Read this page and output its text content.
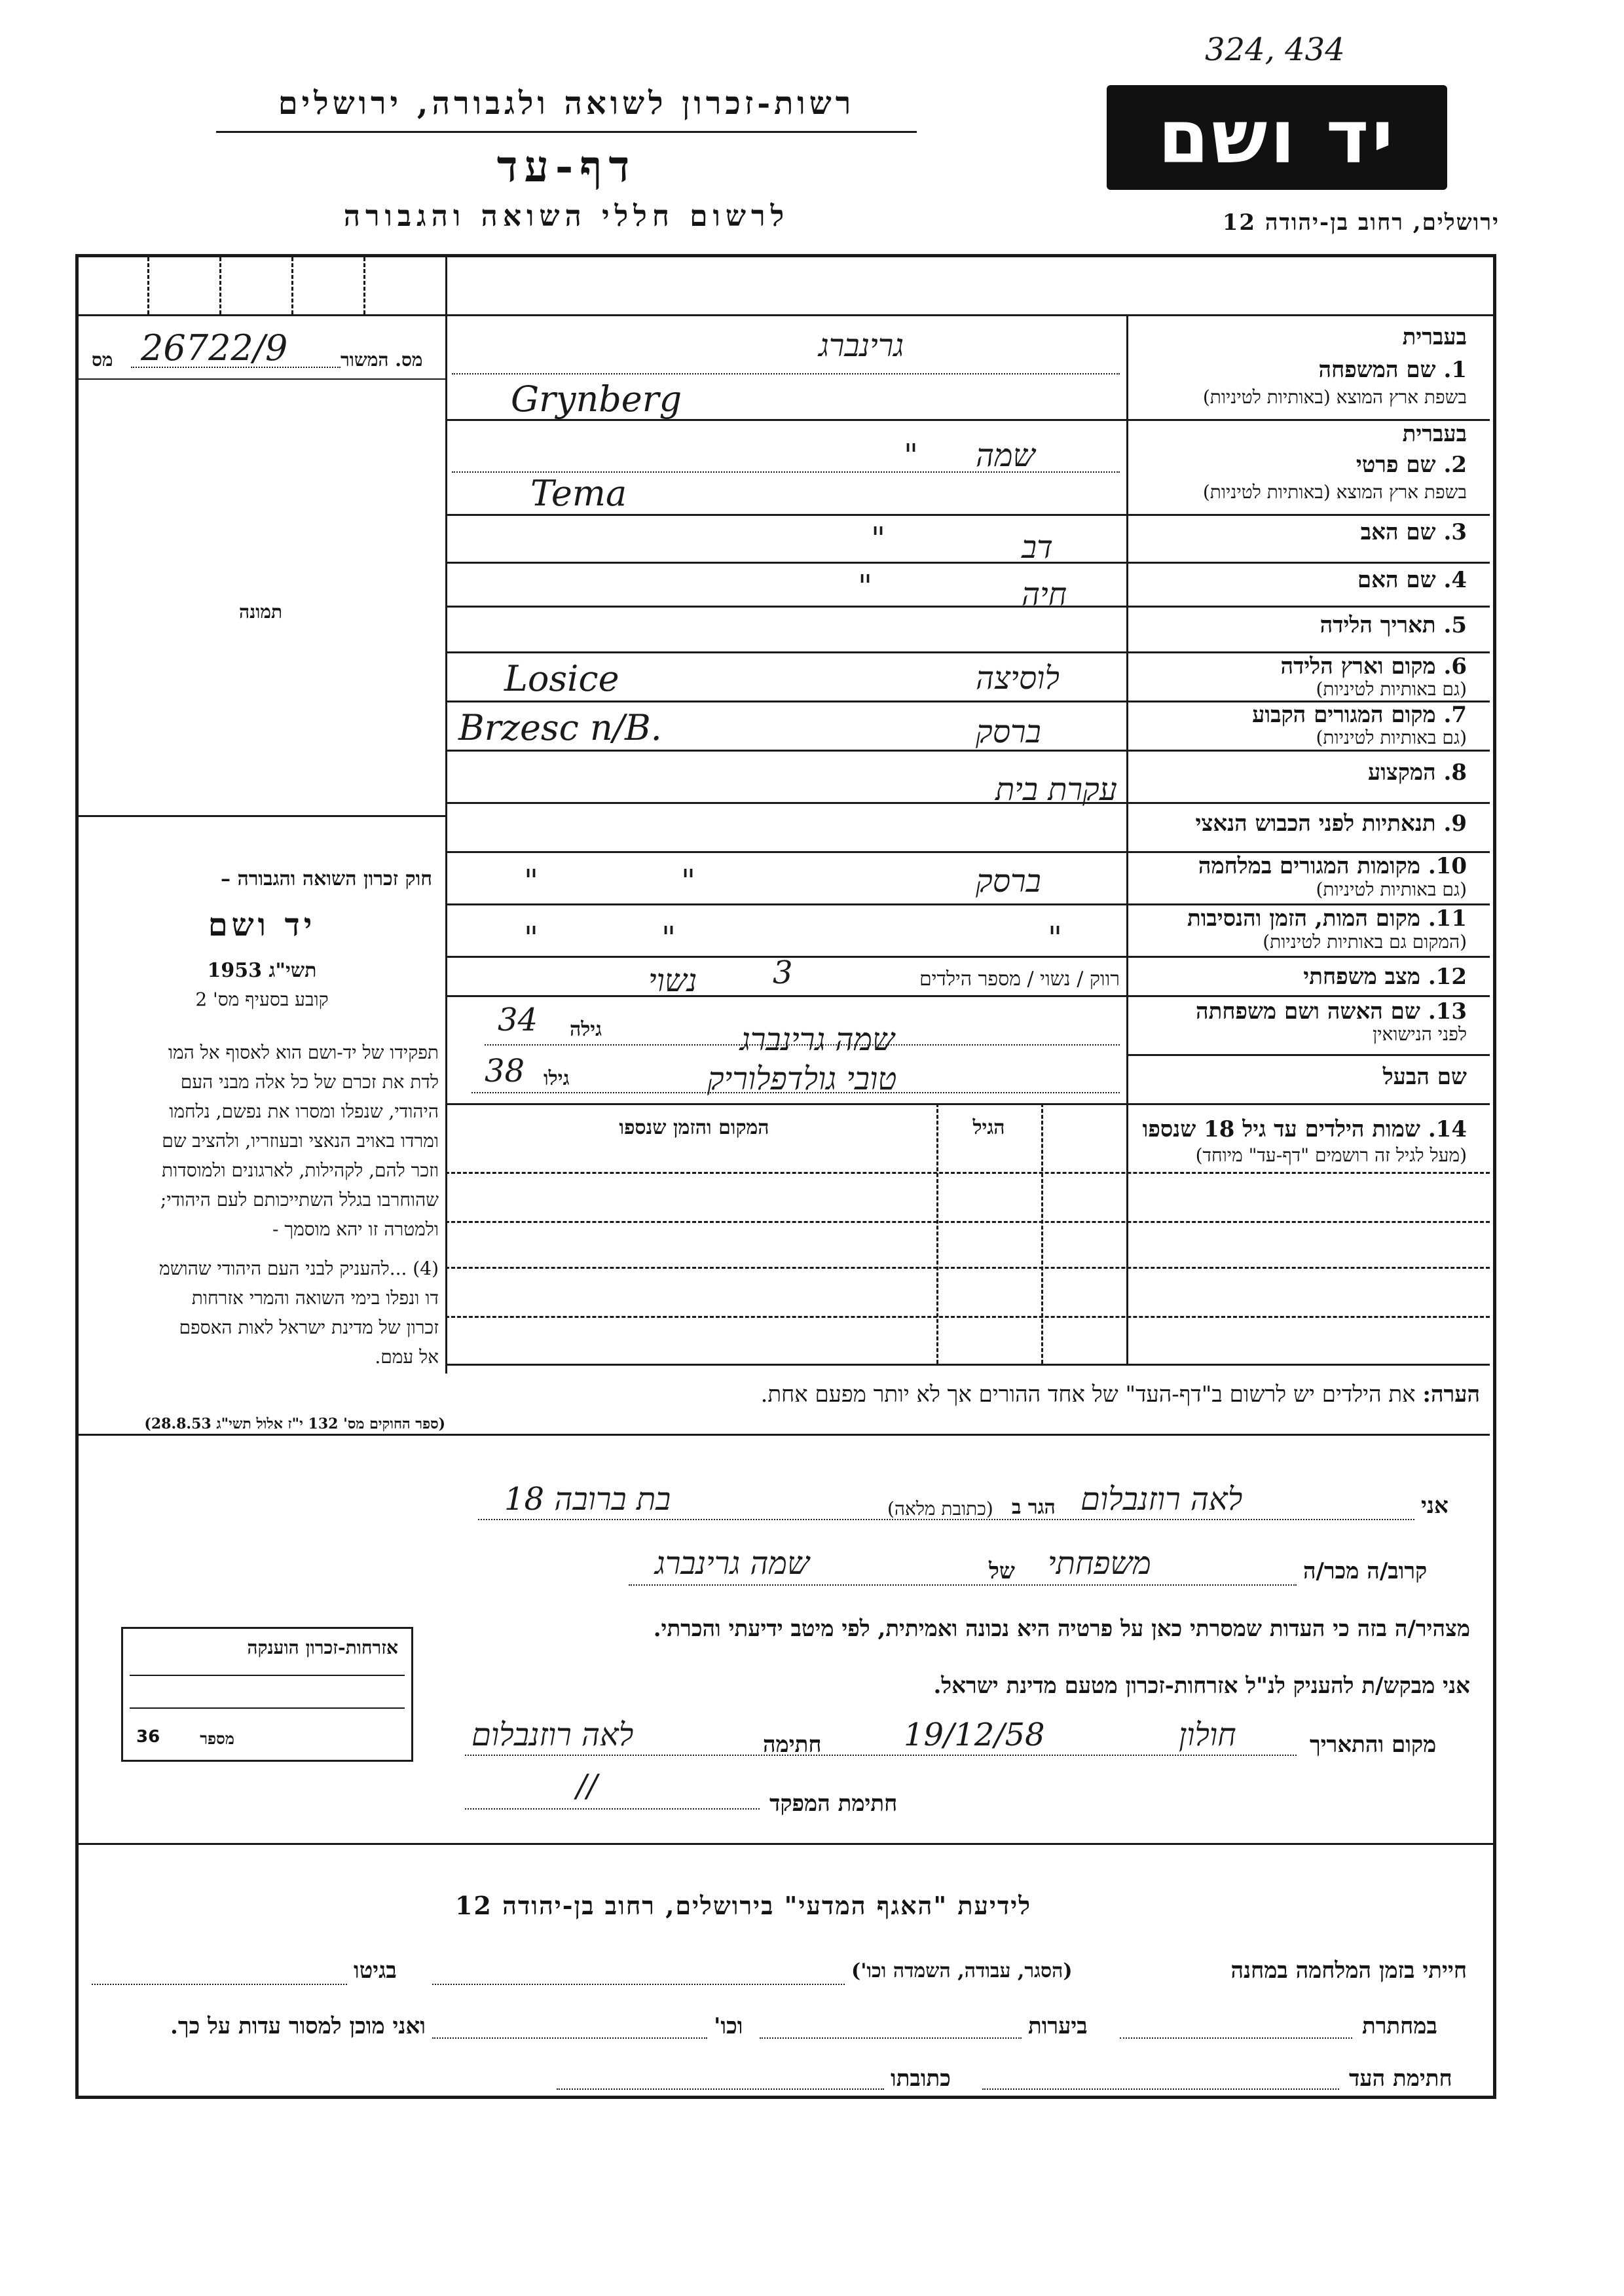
324, 434
רשות-זכרון לשואה ולגבורה, ירושלים
דף-עד
לרשום חללי השואה והגבורה
יד ושם
ירושלים, רחוב בן-יהודה 12
מס. המשור
מס 26722/9
תמונה
חוק זכרון השואה והגבורה –
יד ושם
תשי"ג 1953
קובע בסעיף מס' 2
תפקידו של יד-ושם הוא לאסוף אל המו
לדת את זכרם של כל אלה מבני העם
היהודי, שנפלו ומסרו את נפשם, נלחמו
ומרדו באויב הנאצי ובעוזריו, ולהציב שם
וזכר להם, לקהילות, לארגונים ולמוסדות
שהוחרבו בגלל השתייכותם לעם היהודי;
ולמטרה זו יהא מוסמך -
(4) ...להעניק לבני העם היהודי שהושמ
דו ונפלו בימי השואה והמרי אזרחות
זכרון של מדינת ישראל לאות האספם
אל עמם.
(ספר החוקים מס' 132 י"ז אלול תשי"ג 28.8.53)
בעברית
1. שם המשפחה
בשפת ארץ המוצא (באותיות לטיניות)
גרינברג
Grynberg
בעברית
2. שם פרטי
בשפת ארץ המוצא (באותיות לטיניות)
" שמה
Tema
3. שם האב
"	דב
4. שם האם
"	חיה
5. תאריך הלידה
6. מקום וארץ הלידה
(גם באותיות לטיניות)
לוסיצה
Losice
7. מקום המגורים הקבוע
(גם באותיות לטיניות)
ברסק
Brzesc n/B.
8. המקצוע
עקרת בית
9. תנאתיות לפני הכבוש הנאצי
10. מקומות המגורים במלחמה
(גם באותיות לטיניות)
ברסק
"
"
11. מקום המות, הזמן והנסיבות
(המקום גם באותיות לטיניות)
"
"
"
12. מצב משפחתי
רווק / נשוי / מספר הילדים
3
נשוי
13. שם האשה ושם משפחתה
לפני הנישואין
גילה
34
שמה גרינברג
שם הבעל
גילו
38	טובי גולדפלוריק
14. שמות הילדים עד גיל 18 שנספו
(מעל לגיל זה רושמים "דף-עד" מיוחד)
הגיל
המקום והזמן שנספו
הערה: את הילדים יש לרשום ב"דף-העד" של אחד ההורים אך לא יותר מפעם אחת.
אני
לאה רוזנבלום
הגר ב
(כתובת מלאה)
בת ברובה 18
קרוב/ה מכר/ה
משפחתי
של
שמה גרינברג
מצהיר/ה בזה כי העדות שמסרתי כאן על פרטיה היא נכונה ואמיתית, לפי מיטב ידיעתי והכרתי.
אני מבקש/ת להעניק לנ"ל אזרחות-זכרון מטעם מדינת ישראל.
מקום והתאריך
חולון
19/12/58
חתימה
לאה רוזנבלום
//	חתימת המפקד
אזרחות-זכרון הוענקה
מספר
36
לידיעת "האגף המדעי" בירושלים, רחוב בן-יהודה 12
חייתי בזמן המלחמה במחנה
(הסגר, עבודה, השמדה וכו')
בגיטו
במחתרת
ביערות
וכו'
ואני מוכן למסור עדות על כך.
חתימת העד
כתובתו
